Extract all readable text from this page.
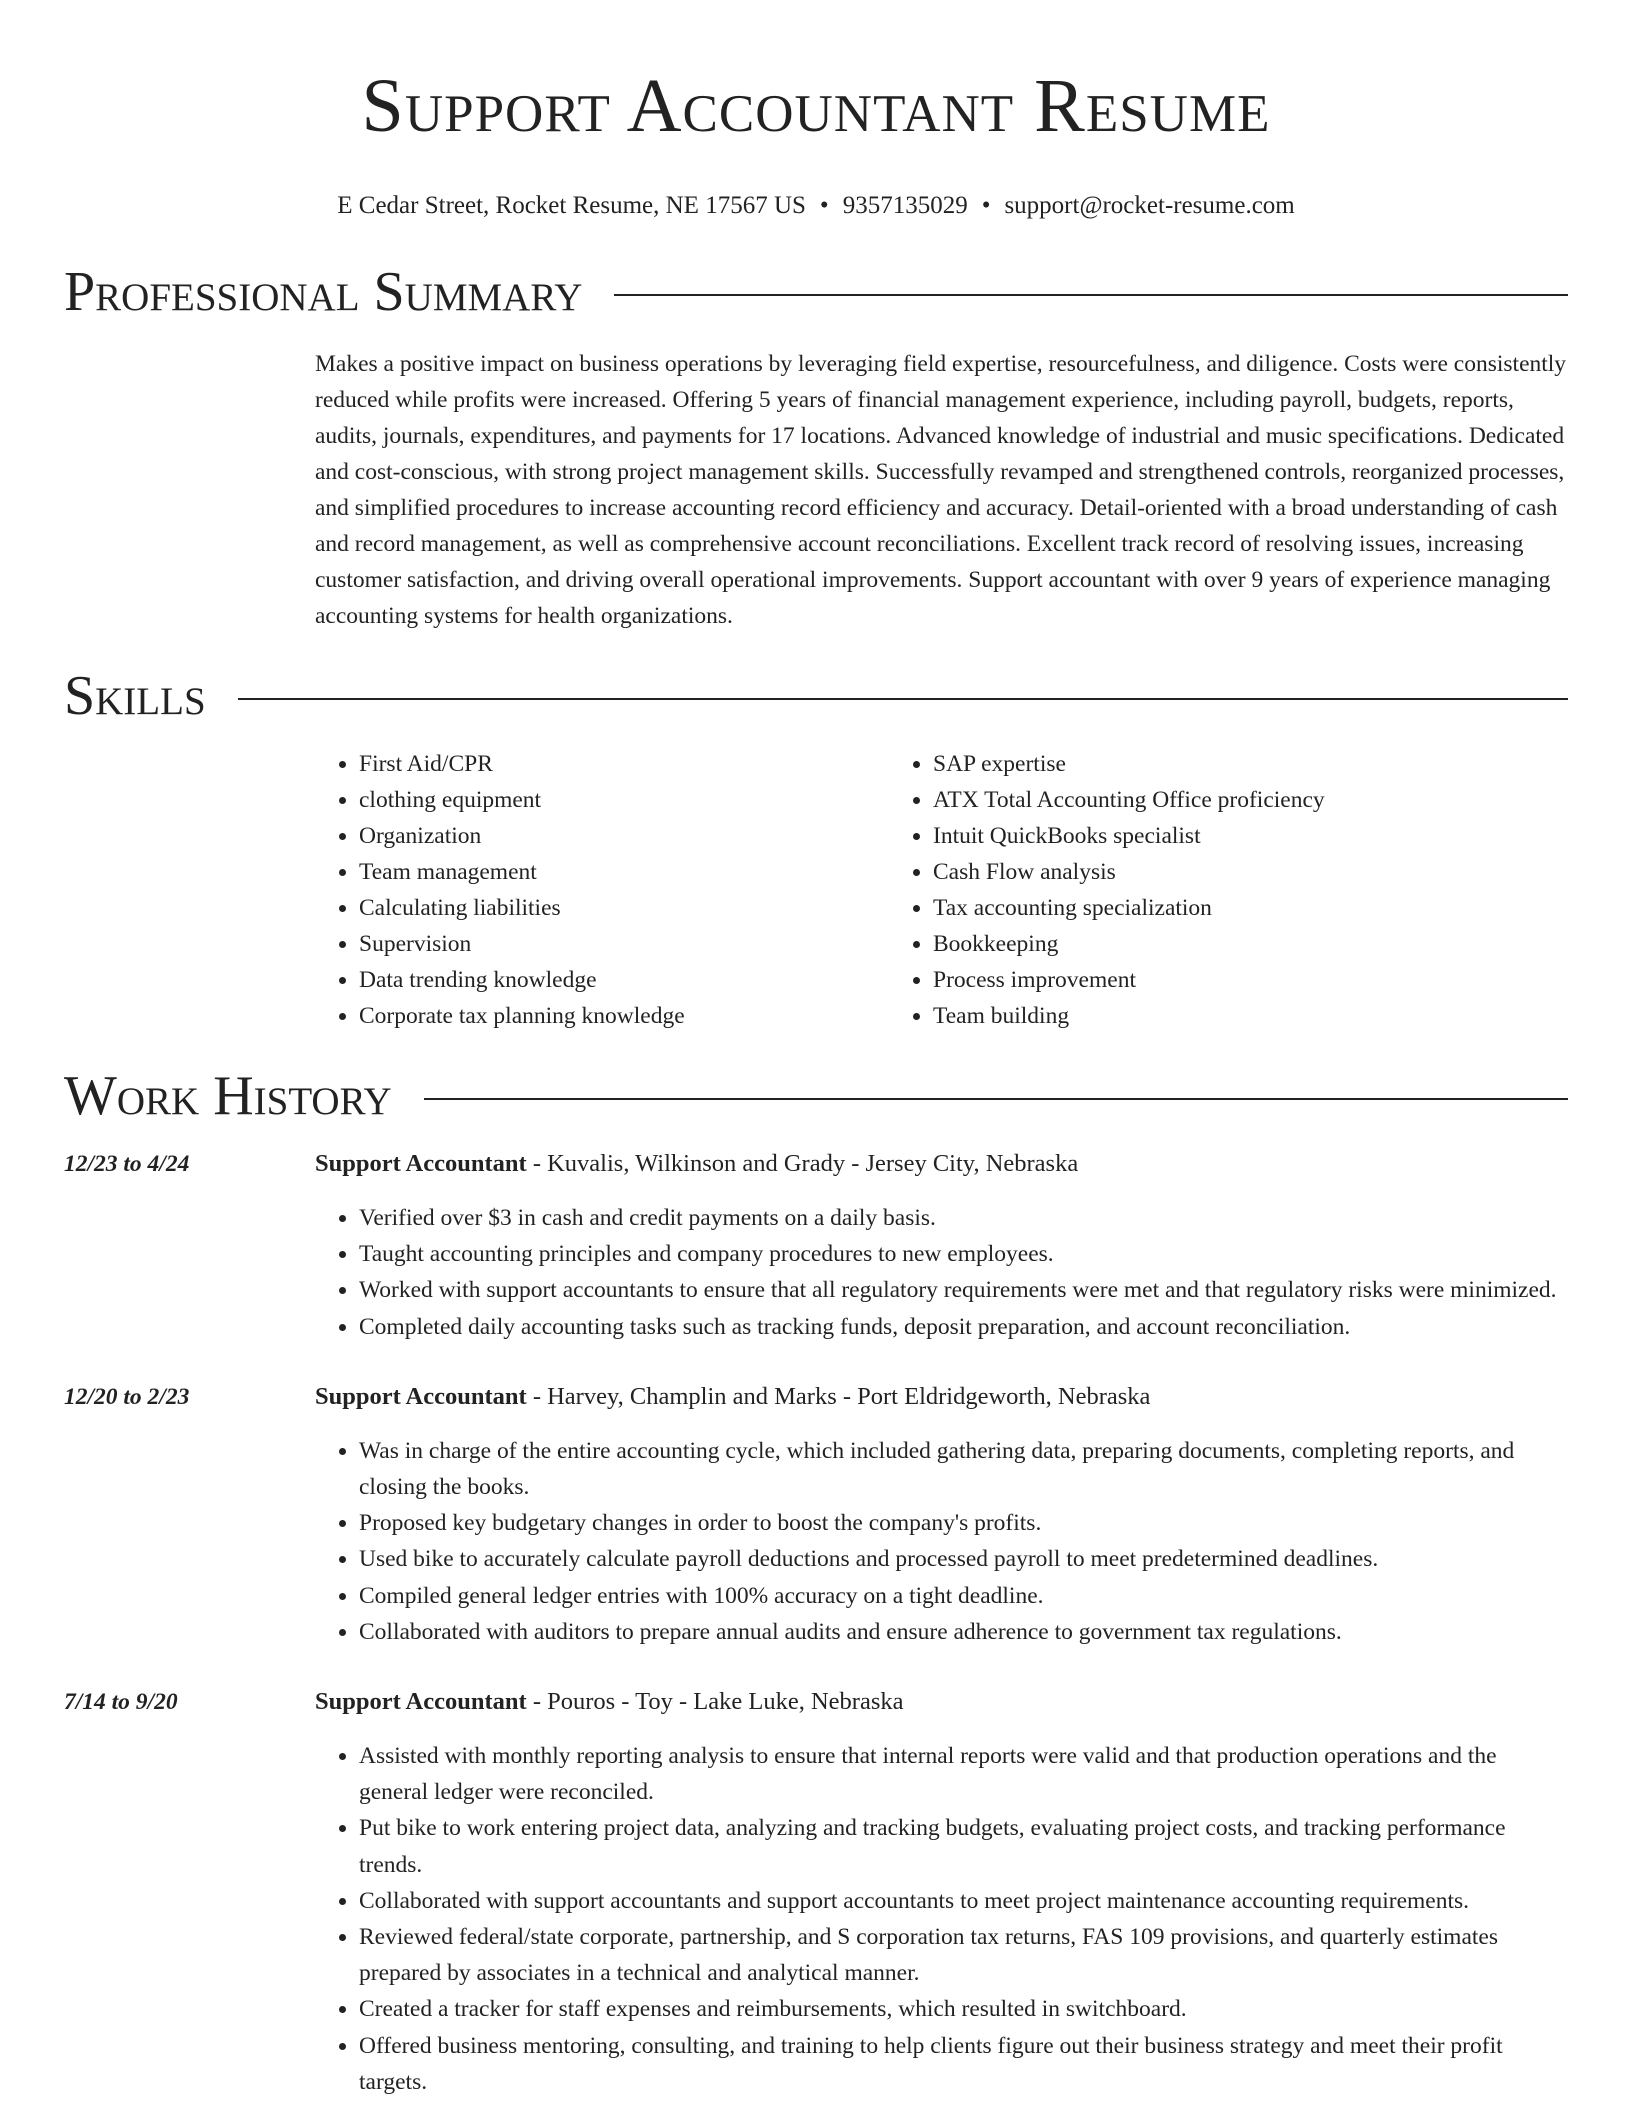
Support Accountant Resume
E Cedar Street, Rocket Resume, NE 17567 US • 9357135029 • support@rocket-resume.com
Professional Summary
Makes a positive impact on business operations by leveraging field expertise, resourcefulness, and diligence. Costs were consistently reduced while profits were increased. Offering 5 years of financial management experience, including payroll, budgets, reports, audits, journals, expenditures, and payments for 17 locations. Advanced knowledge of industrial and music specifications. Dedicated and cost-conscious, with strong project management skills. Successfully revamped and strengthened controls, reorganized processes, and simplified procedures to increase accounting record efficiency and accuracy. Detail-oriented with a broad understanding of cash and record management, as well as comprehensive account reconciliations. Excellent track record of resolving issues, increasing customer satisfaction, and driving overall operational improvements. Support accountant with over 9 years of experience managing accounting systems for health organizations.
Skills
• First Aid/CPR
• clothing equipment
• Organization
• Team management
• Calculating liabilities
• Supervision
• Data trending knowledge
• Corporate tax planning knowledge
• SAP expertise
• ATX Total Accounting Office proficiency
• Intuit QuickBooks specialist
• Cash Flow analysis
• Tax accounting specialization
• Bookkeeping
• Process improvement
• Team building
Work History
12/23 to 4/24	Support Accountant - Kuvalis, Wilkinson and Grady - Jersey City, Nebraska
• Verified over $3 in cash and credit payments on a daily basis.
• Taught accounting principles and company procedures to new employees.
• Worked with support accountants to ensure that all regulatory requirements were met and that regulatory risks were minimized.
• Completed daily accounting tasks such as tracking funds, deposit preparation, and account reconciliation.
12/20 to 2/23	Support Accountant - Harvey, Champlin and Marks - Port Eldridgeworth, Nebraska
• Was in charge of the entire accounting cycle, which included gathering data, preparing documents, completing reports, and closing the books.
• Proposed key budgetary changes in order to boost the company's profits.
• Used bike to accurately calculate payroll deductions and processed payroll to meet predetermined deadlines.
• Compiled general ledger entries with 100% accuracy on a tight deadline.
• Collaborated with auditors to prepare annual audits and ensure adherence to government tax regulations.
7/14 to 9/20	Support Accountant - Pouros - Toy - Lake Luke, Nebraska
• Assisted with monthly reporting analysis to ensure that internal reports were valid and that production operations and the general ledger were reconciled.
• Put bike to work entering project data, analyzing and tracking budgets, evaluating project costs, and tracking performance trends.
• Collaborated with support accountants and support accountants to meet project maintenance accounting requirements.
• Reviewed federal/state corporate, partnership, and S corporation tax returns, FAS 109 provisions, and quarterly estimates prepared by associates in a technical and analytical manner.
• Created a tracker for staff expenses and reimbursements, which resulted in switchboard.
• Offered business mentoring, consulting, and training to help clients figure out their business strategy and meet their profit targets.
